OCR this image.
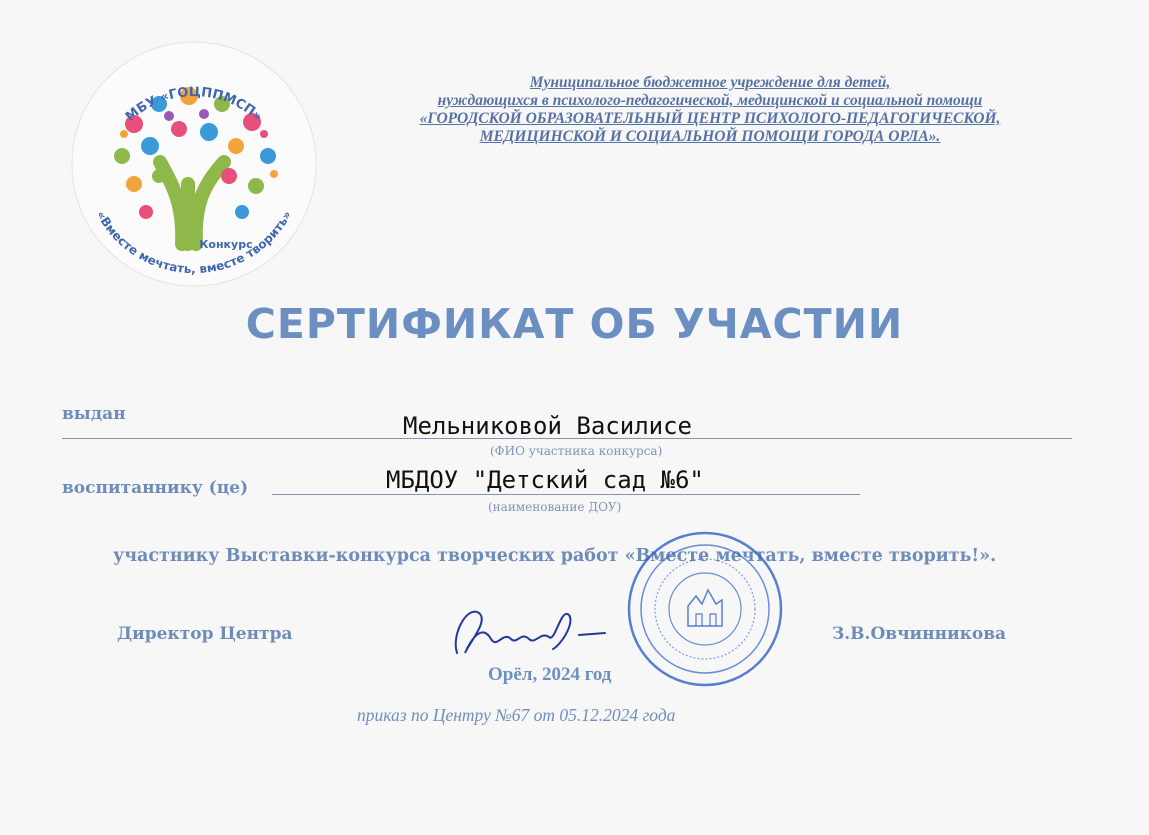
МБУ «ГОЦППМСП»
«Вместе мечтать, вместе творить»
Конкурс
Муниципальное бюджетное учреждение для детей,
нуждающихся в психолого-педагогической, медицинской и социальной помощи
«ГОРОДСКОЙ ОБРАЗОВАТЕЛЬНЫЙ ЦЕНТР ПСИХОЛОГО-ПЕДАГОГИЧЕСКОЙ,
МЕДИЦИНСКОЙ И СОЦИАЛЬНОЙ ПОМОЩИ ГОРОДА ОРЛА».
СЕРТИФИКАТ ОБ УЧАСТИИ
выдан	Мельниковой Василисе
(ФИО участника конкурса)
воспитаннику (це)	МБДОУ "Детский сад №6"
(наименование ДОУ)
участнику Выставки-конкурса творческих работ «Вместе мечтать, вместе творить!».
Директор Центра	З.В.Овчинникова
Орёл, 2024 год
приказ по Центру №67 от 05.12.2024 года
